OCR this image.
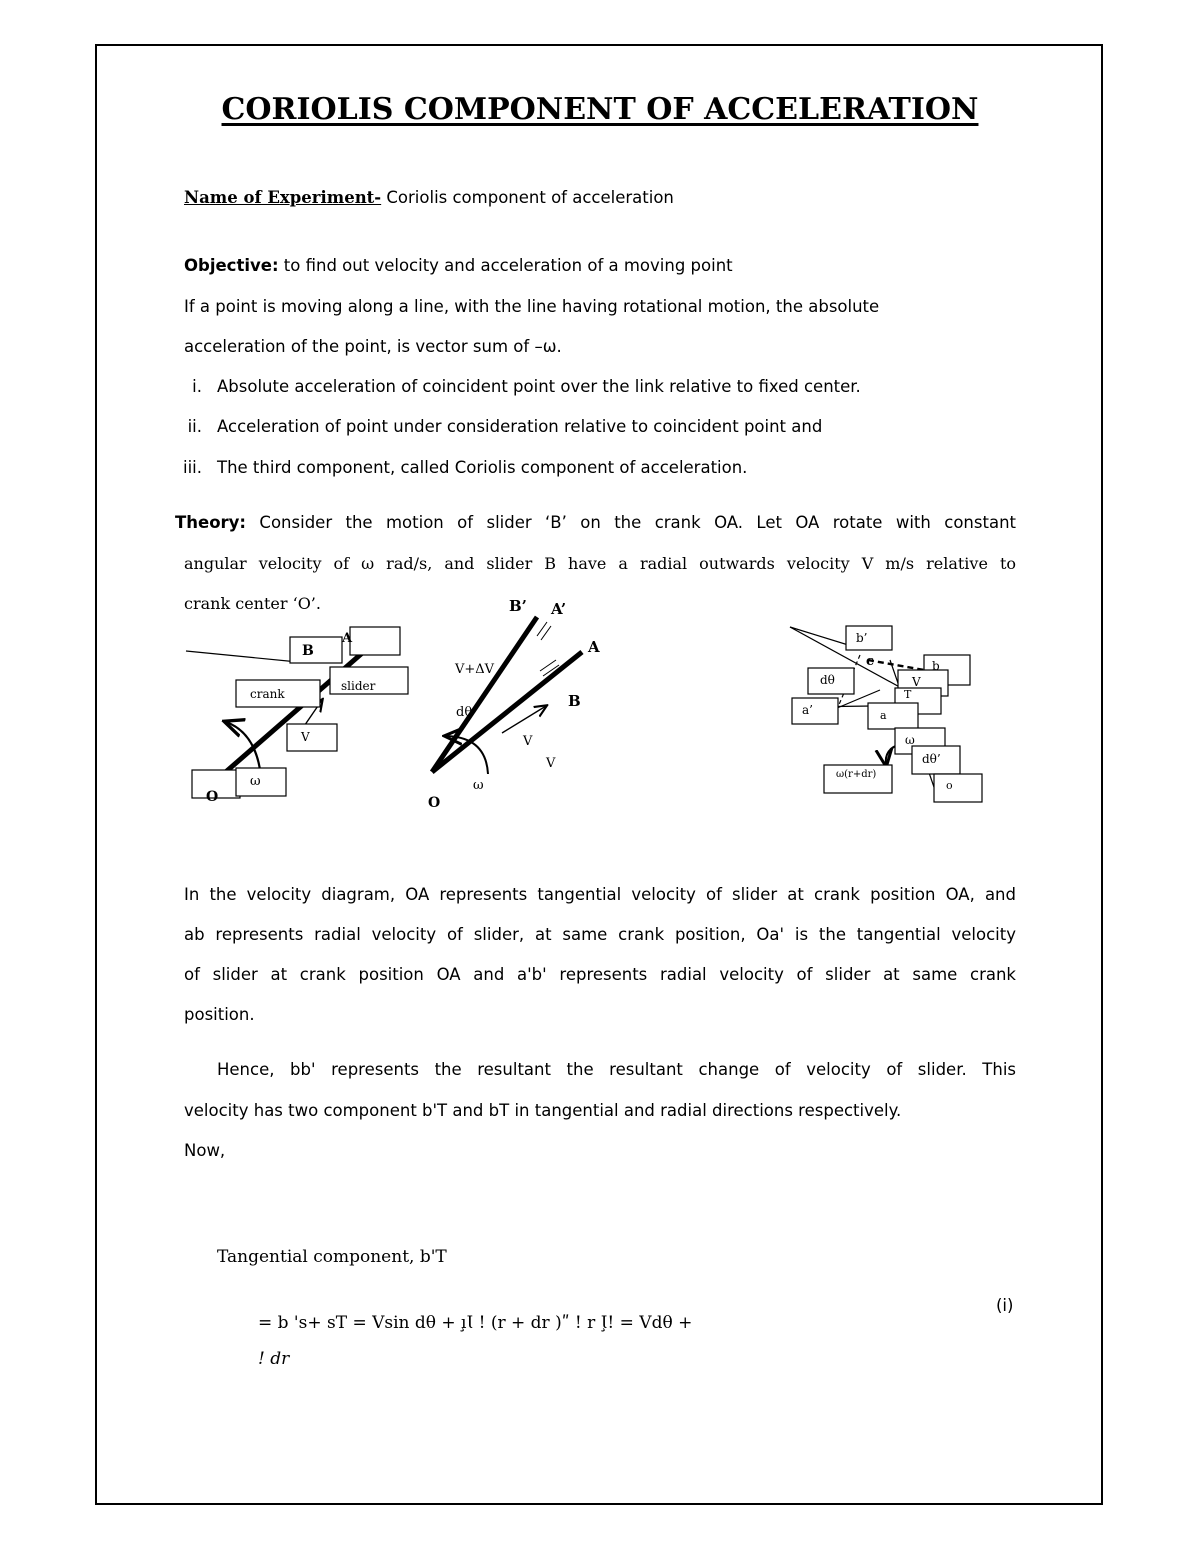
CORIOLIS COMPONENT OF ACCELERATION
Name of Experiment- Coriolis component of acceleration
Objective: to find out velocity and acceleration of a moving point
If a point is moving along a line, with the line having rotational motion, the absolute
acceleration of the point, is vector sum of –ω.
i. Absolute acceleration of coincident point over the link relative to fixed center.
ii. Acceleration of point under consideration relative to coincident point and
iii. The third component, called Coriolis component of acceleration.
Theory: Consider the motion of slider ‘B’ on the crank OA. Let OA rotate with constant
angular velocity of ω rad/s, and slider B have a radial outwards velocity V m/s relative to
crank center ‘O’.
B
A
crank
slider
V
ω
O
B’ A’
A
B
V+ΔV
dθ
V
V
ω
O
b’
c	b
dθ	V
T
a’	a
ω
dθ’
ω(r+dr)
o
In the velocity diagram, OA represents tangential velocity of slider at crank position OA, and
ab represents radial velocity of slider, at same crank position, Oa' is the tangential velocity
of slider at crank position OA and a'b' represents radial velocity of slider at same crank
position.
Hence, bb' represents the resultant the resultant change of velocity of slider. This
velocity has two component b'T and bT in tangential and radial directions respectively.
Now,
Tangential component, b'T
(i)
= b 's+ sT = Vsin dθ + ı̧Ɩ ! (r + dr )ʺ ! r Ɩ̧! = Vdθ +
! dr
